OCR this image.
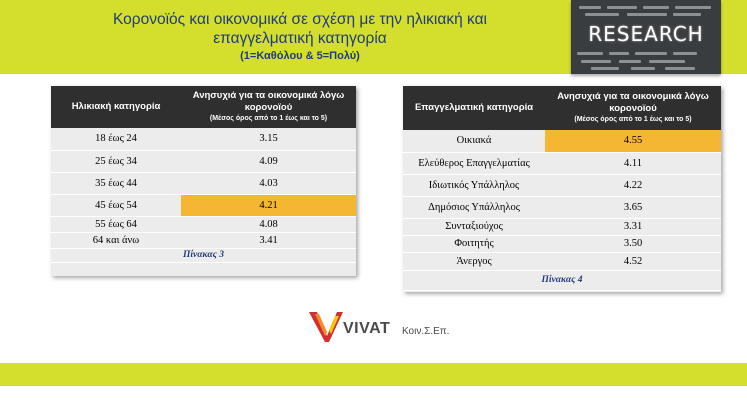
Κορονοϊός και οικονομικά σε σχέση με την ηλικιακή και
επαγγελματική κατηγορία
(1=Καθόλου & 5=Πολύ)
RESEARCH
Ηλικιακή κατηγορία	Ανησυχιά για τα οικονομικά λόγω κορονοϊού
(Μέσος όρος από το 1 έως και το 5)

18 έως 24	3.15
25 έως 34	4.09
35 έως 44	4.03
45 έως 54	4.21
55 έως 64	4.08
64 και άνω	3.41
Πίνακας 3	
Επαγγελματική κατηγορία	Ανησυχιά για τα οικονομικά λόγω κορονοϊού
(Μέσος όρος από το 1 έως και το 5)

Οικιακά	4.55
Ελεύθερος Επαγγελματίας	4.11
Ιδιωτικός Υπάλληλος	4.22
Δημόσιος Υπάλληλος	3.65
Συνταξιούχος	3.31
Φοιτητής	3.50
Άνεργος	4.52
Πίνακας 4	
VIVAT Κοιν.Σ.Επ.
